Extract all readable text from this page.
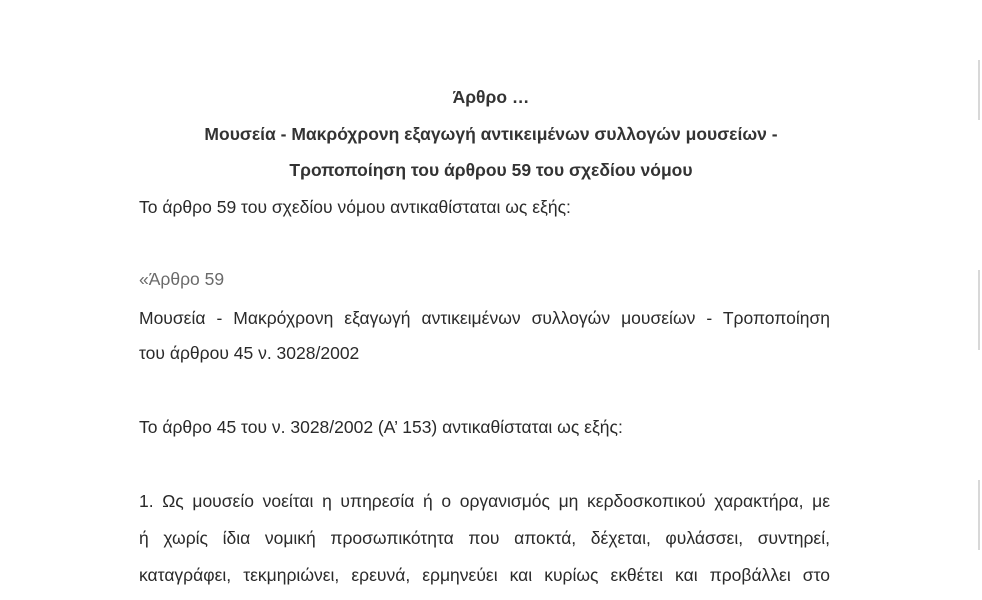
Άρθρο …
Μουσεία - Μακρόχρονη εξαγωγή αντικειμένων συλλογών μουσείων -
Τροποποίηση του άρθρου 59 του σχεδίου νόμου
Το άρθρο 59 του σχεδίου νόμου αντικαθίσταται ως εξής:
«Άρθρο 59
Μουσεία - Μακρόχρονη εξαγωγή αντικειμένων συλλογών μουσείων - Τροποποίηση
του άρθρου 45 ν. 3028/2002
Το άρθρο 45 του ν. 3028/2002 (Α’ 153) αντικαθίσταται ως εξής:
1. Ως μουσείο νοείται η υπηρεσία ή ο οργανισμός μη κερδοσκοπικού χαρακτήρα, με
ή χωρίς ίδια νομική προσωπικότητα που αποκτά, δέχεται, φυλάσσει, συντηρεί,
καταγράφει, τεκμηριώνει, ερευνά, ερμηνεύει και κυρίως εκθέτει και προβάλλει στο
